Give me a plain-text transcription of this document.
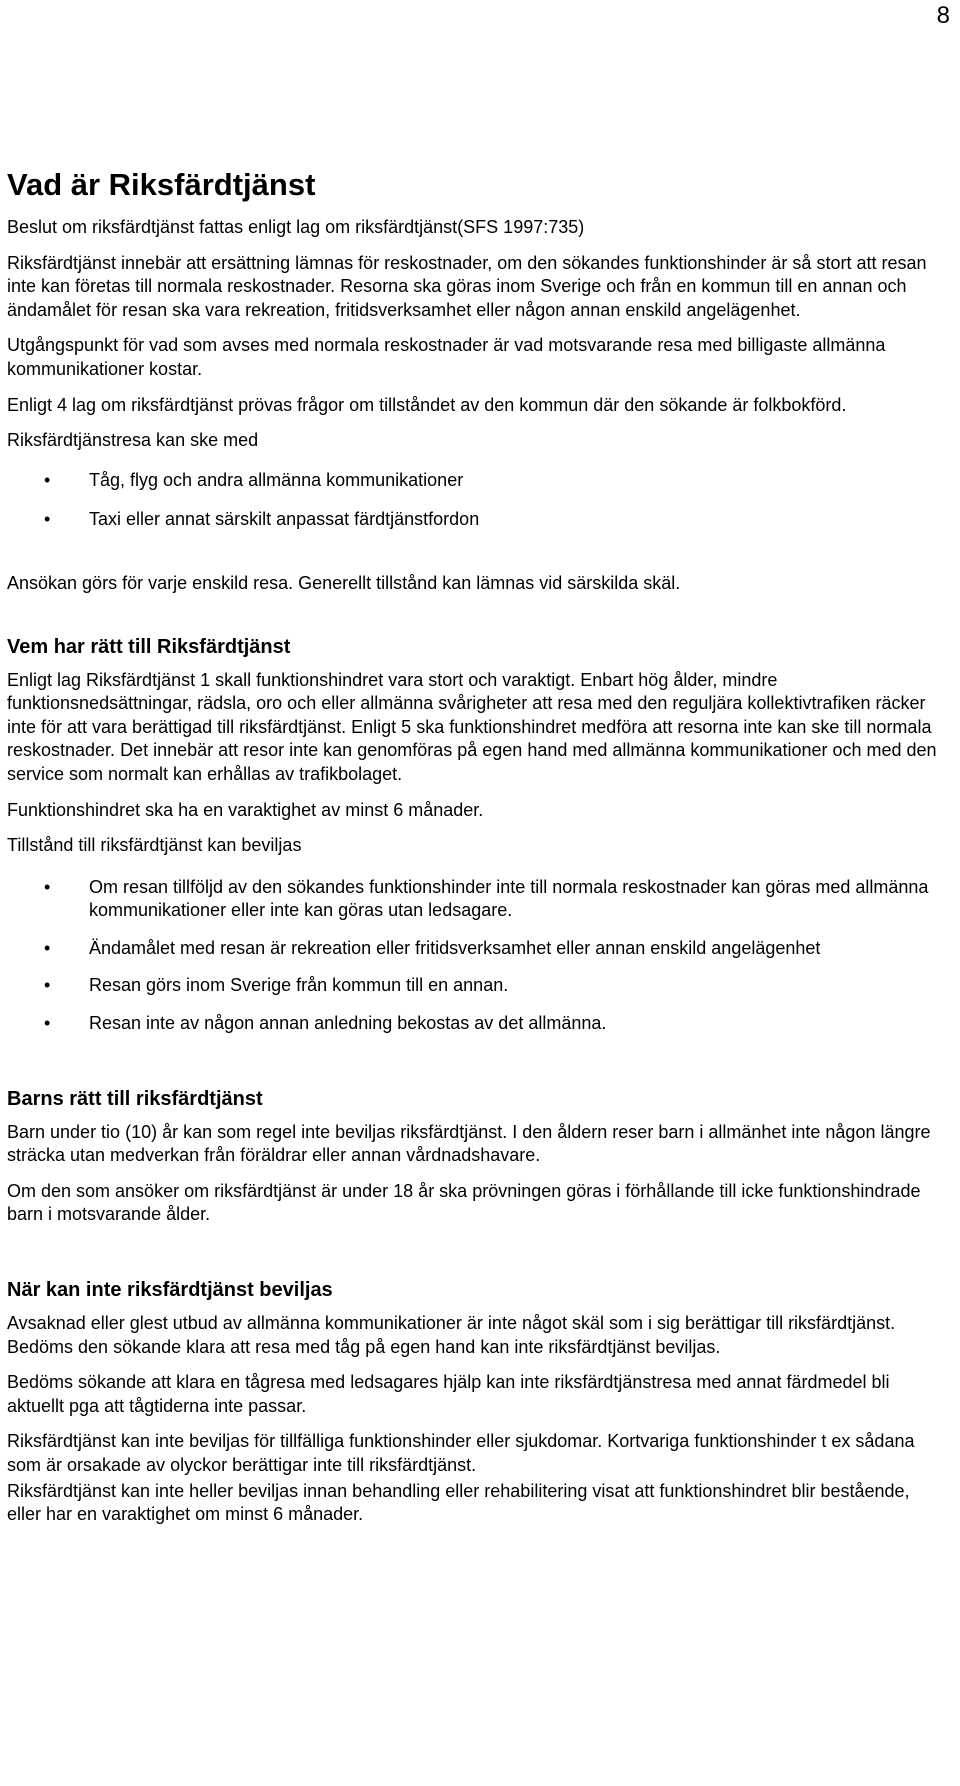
8
Vad är Riksfärdtjänst

Beslut om riksfärdtjänst fattas enligt lag om riksfärdtjänst(SFS 1997:735)

Riksfärdtjänst innebär att ersättning lämnas för reskostnader, om den sökandes funktionshinder är så stort att resan inte kan företas till normala reskostnader. Resorna ska göras inom Sverige och från en kommun till en annan och ändamålet för resan ska vara rekreation, fritidsverksamhet eller någon annan enskild angelägenhet.

Utgångspunkt för vad som avses med normala reskostnader är vad motsvarande resa med billigaste allmänna kommunikationer kostar.

Enligt 4 lag om riksfärdtjänst prövas frågor om tillståndet av den kommun där den sökande är folkbokförd.

Riksfärdtjänstresa kan ske med

• Tåg, flyg och andra allmänna kommunikationer
• Taxi eller annat särskilt anpassat färdtjänstfordon

Ansökan görs för varje enskild resa. Generellt tillstånd kan lämnas vid särskilda skäl.

Vem har rätt till Riksfärdtjänst

Enligt lag Riksfärdtjänst 1 skall funktionshindret vara stort och varaktigt. Enbart hög ålder, mindre funktionsnedsättningar, rädsla, oro och eller allmänna svårigheter att resa med den reguljära kollektivtrafiken räcker inte för att vara berättigad till riksfärdtjänst. Enligt 5 ska funktionshindret medföra att resorna inte kan ske till normala reskostnader. Det innebär att resor inte kan genomföras på egen hand med allmänna kommunikationer och med den service som normalt kan erhållas av trafikbolaget.

Funktionshindret ska ha en varaktighet av minst 6 månader.

Tillstånd till riksfärdtjänst kan beviljas

• Om resan tillföljd av den sökandes funktionshinder inte till normala reskostnader kan göras med allmänna kommunikationer eller inte kan göras utan ledsagare.
• Ändamålet med resan är rekreation eller fritidsverksamhet eller annan enskild angelägenhet
• Resan görs inom Sverige från kommun till en annan.
• Resan inte av någon annan anledning bekostas av det allmänna.
Barns rätt till riksfärdtjänst

Barn under tio (10) år kan som regel inte beviljas riksfärdtjänst. I den åldern reser barn i allmänhet inte någon längre sträcka utan medverkan från föräldrar eller annan vårdnadshavare.

Om den som ansöker om riksfärdtjänst är under 18 år ska prövningen göras i förhållande till icke funktionshindrade barn i motsvarande ålder.

När kan inte riksfärdtjänst beviljas

Avsaknad eller glest utbud av allmänna kommunikationer är inte något skäl som i sig berättigar till riksfärdtjänst. Bedöms den sökande klara att resa med tåg på egen hand kan inte riksfärdtjänst beviljas.

Bedöms sökande att klara en tågresa med ledsagares hjälp kan inte riksfärdtjänstresa med annat färdmedel bli aktuellt pga att tågtiderna inte passar.

Riksfärdtjänst kan inte beviljas för tillfälliga funktionshinder eller sjukdomar. Kortvariga funktionshinder t ex sådana som är orsakade av olyckor berättigar inte till riksfärdtjänst.

Riksfärdtjänst kan inte heller beviljas innan behandling eller rehabilitering visat att funktionshindret blir bestående, eller har en varaktighet om minst 6 månader.
